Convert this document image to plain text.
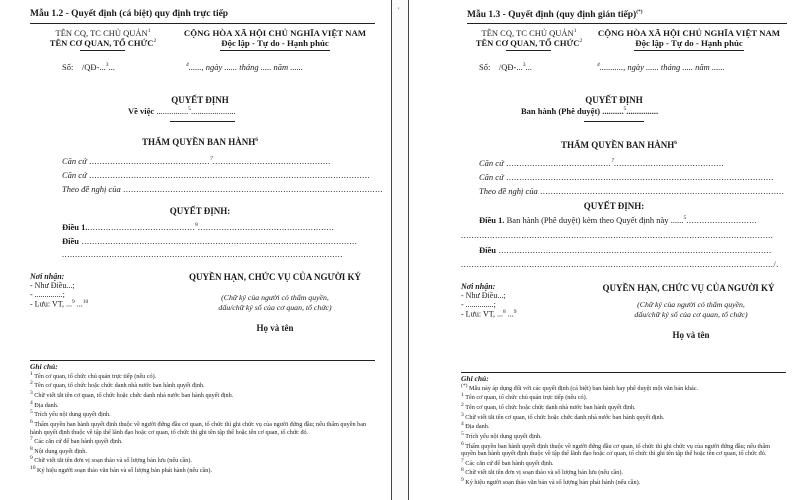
Mẫu 1.2 - Quyết định (cá biệt) quy định trực tiếp
TÊN CQ, TC CHỦ QUẢN$^1$
TÊN CƠ QUAN, TỔ CHỨC$^2$
CỘNG HÒA XÃ HỘI CHỦ NGHĨA VIỆT NAM
Độc lập - Tự do - Hạnh phúc
Số: /QĐ-...$^3$...	$^4$......, ngày ...... tháng ..... năm ......
QUYẾT ĐỊNH
Về việc ...............$^5$.....................
THẨM QUYỀN BAN HÀNH$^6$
Căn cứ ..............................................$^7$.............................................
Căn cứ ...........................................................................................................
Theo đề nghị của ...................................................................................................
QUYẾT ĐỊNH:
Điều 1..........................................$^8$....................................................
Điều .........................................................................................................
...........................................................................................................
Nơi nhận:
- Như Điều...;
- ..............;
- Lưu: VT, ...$^9$ ...$^{10}$
QUYỀN HẠN, CHỨC VỤ CỦA NGƯỜI KÝ
(Chữ ký của người có thẩm quyền,
dấu/chữ ký số của cơ quan, tổ chức)
Họ và tên
Ghi chú:
$^1$ Tên cơ quan, tổ chức chủ quản trực tiếp (nếu có).
$^2$ Tên cơ quan, tổ chức hoặc chức danh nhà nước ban hành quyết định.
$^3$ Chữ viết tắt tên cơ quan, tổ chức hoặc chức danh nhà nước ban hành quyết định.
$^4$ Địa danh.
$^5$ Trích yếu nội dung quyết định.
$^6$ Thẩm quyền ban hành quyết định thuộc về người đứng đầu cơ quan, tổ chức thì ghi chức vụ của người đứng đầu; nếu thẩm quyền ban hành quyết định thuộc về tập thể lãnh đạo hoặc cơ quan, tổ chức thì ghi tên tập thể hoặc tên cơ quan, tổ chức đó.
$^7$ Các căn cứ để ban hành quyết định.
$^8$ Nội dung quyết định.
$^9$ Chữ viết tắt tên đơn vị soạn thảo và số lượng bản lưu (nếu cần).
$^{10}$ Ký hiệu người soạn thảo văn bản và số lượng bản phát hành (nếu cần).
'	Mẫu 1.3 - Quyết định (quy định gián tiếp)(*)
TÊN CQ, TC CHỦ QUẢN$^1$
TÊN CƠ QUAN, TỔ CHỨC$^2$
CỘNG HÒA XÃ HỘI CHỦ NGHĨA VIỆT NAM
Độc lập - Tự do - Hạnh phúc
Số: /QĐ-...$^3$...	$^4$..........., ngày ...... tháng ..... năm ......
QUYẾT ĐỊNH
Ban hành (Phê duyệt) ..........$^5$...............
THẨM QUYỀN BAN HÀNH$^6$
Căn cứ ........................................$^7$..........................................
Căn cứ ......................................................................................................
Theo đề nghị của .............................................................................................
QUYẾT ĐỊNH:
Điều 1. Ban hành (Phê duyệt) kèm theo Quyết định này ......$^5$...........................
.......................................................................................................................
Điều ........................................................................................................
......................................................................................................................./.
Nơi nhận:
- Như Điều...;
- ..............;
- Lưu: VT, ...$^8$ ...$^9$
QUYỀN HẠN, CHỨC VỤ CỦA NGƯỜI KÝ
(Chữ ký của người có thẩm quyền,
dấu/chữ ký số của cơ quan, tổ chức)
Họ và tên
Ghi chú:
(*) Mẫu này áp dụng đối với các quyết định (cá biệt) ban hành hay phê duyệt một văn bản khác.
$^1$ Tên cơ quan, tổ chức chủ quản trực tiếp (nếu có).
$^2$ Tên cơ quan, tổ chức hoặc chức danh nhà nước ban hành quyết định.
$^3$ Chữ viết tắt tên cơ quan, tổ chức hoặc chức danh nhà nước ban hành quyết định.
$^4$ Địa danh.
$^5$ Trích yếu nội dung quyết định.
$^6$ Thẩm quyền ban hành quyết định thuộc về người đứng đầu cơ quan, tổ chức thì ghi chức vụ của người đứng đầu; nếu thẩm quyền ban hành quyết định thuộc về tập thể lãnh đạo hoặc cơ quan, tổ chức thì ghi tên tập thể hoặc tên cơ quan, tổ chức đó.
$^7$ Các căn cứ để ban hành quyết định.
$^8$ Chữ viết tắt tên đơn vị soạn thảo và số lượng bản lưu (nếu cần).
$^9$ Ký hiệu người soạn thảo văn bản và số lượng bản phát hành (nếu cần).
